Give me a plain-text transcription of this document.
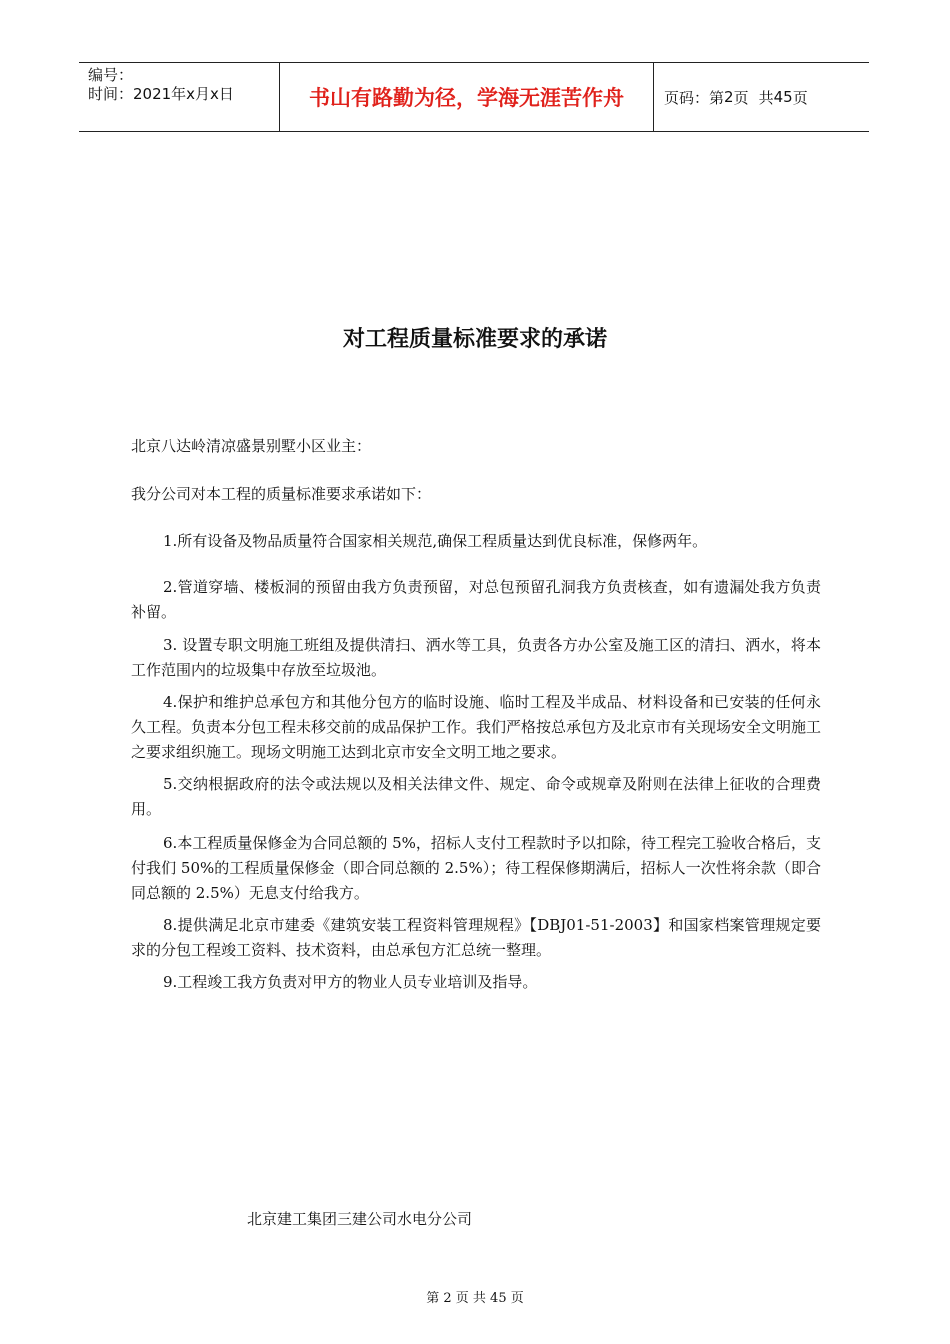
编号：
时间：2021年x月x日	书山有路勤为径，学海无涯苦作舟	页码：第 2 页 共 45 页
对工程质量标准要求的承诺

北京八达岭清凉盛景别墅小区业主：

我分公司对本工程的质量标准要求承诺如下：

1.所有设备及物品质量符合国家相关规范,确保工程质量达到优良标准，保修两年。

2.管道穿墙、楼板洞的预留由我方负责预留，对总包预留孔洞我方负责核查，如有遗漏处我方负责补留。

3. 设置专职文明施工班组及提供清扫、洒水等工具，负责各方办公室及施工区的清扫、洒水，将本工作范围内的垃圾集中存放至垃圾池。

4.保护和维护总承包方和其他分包方的临时设施、临时工程及半成品、材料设备和已安装的任何永久工程。负责本分包工程未移交前的成品保护工作。我们严格按总承包方及北京市有关现场安全文明施工之要求组织施工。现场文明施工达到北京市安全文明工地之要求。

5.交纳根据政府的法令或法规以及相关法律文件、规定、命令或规章及附则在法律上征收的合理费用。

6.本工程质量保修金为合同总额的 5%，招标人支付工程款时予以扣除，待工程完工验收合格后，支付我们 50%的工程质量保修金（即合同总额的 2.5%）；待工程保修期满后，招标人一次性将余款（即合同总额的 2.5%）无息支付给我方。

8.提供满足北京市建委《建筑安装工程资料管理规程》【DBJ01-51-2003】和国家档案管理规定要求的分包工程竣工资料、技术资料，由总承包方汇总统一整理。

9.工程竣工我方负责对甲方的物业人员专业培训及指导。

北京建工集团三建公司水电分公司
第 2 页 共 45 页
